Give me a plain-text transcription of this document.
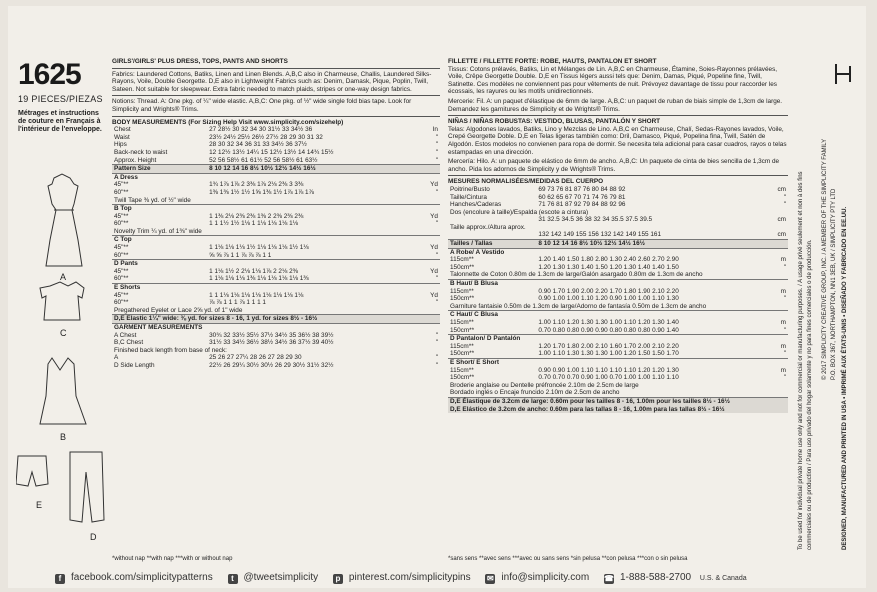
1625
19 PIECES/PIEZAS
Métrages et instructions de couture en Français à l'intérieur de l'enveloppe.
A
C
B
E
D
GIRLS'/GIRLS' PLUS DRESS, TOPS, PANTS AND SHORTS
Fabrics: Laundered Cottons, Batiks, Linen and Linen Blends. A,B,C also in Charmeuse, Challis, Laundered Silks-Rayons, Voile, Double Georgette. D,E also in Lightweight Fabrics such as: Denim, Damask, Pique, Poplin, Twill, Sateen. Not suitable for sleepwear. Extra fabric needed to match plaids, stripes or one-way design fabrics.
Notions: Thread. A: One pkg. of ¼" wide elastic. A,B,C: One pkg. of ½" wide single fold bias tape. Look for Simplicity and Wrights® Trims.
BODY MEASUREMENTS (For Sizing Help Visit www.simplicity.com/sizehelp)
Chest	27 28½ 30 32 34 30 31½ 33 34½ 36	In
Waist	23½ 24½ 25½ 26½ 27½ 28 29 30 31 32	"
Hips	28 30 32 34 36 31 33 34½ 36 37½	"
Back-neck to waist	12 12½ 13½ 14¼ 15 12½ 13½ 14 14¾ 15½	"
Approx. Height	52 56 58½ 61 61½ 52 56 58½ 61 63½	"
Pattern Size	8 10 12 14 16 8½ 10½ 12½ 14½ 16½	
A Dress		
45"**	1¾ 1⅞ 1⅞ 2 3⅜ 1⅞ 2⅛ 2⅜ 3 3⅜	Yd
60"**	1⅜ 1⅜ 1½ 1½ 1⅝ 1⅜ 1½ 1⅞ 1⅞ 1⅞	"
Twill Tape ⅜ yd. of ½" wide		
B Top		
45"**	1 1⅜ 2⅛ 2⅜ 2⅜ 1⅜ 2 2⅜ 2⅜ 2⅜	Yd
60"**	1 1 1½ 1½ 1⅛ 1 1⅛ 1⅛ 1⅛ 1⅛	"
Novelty Trim ¼ yd. of 1⅜" wide		
C Top		
45"**	1 1⅛ 1⅛ 1⅛ 1½ 1⅛ 1⅛ 1⅛ 1½ 1⅛	Yd
60"**	⅝ ⅝ ⅞ 1 1 ⅞ ⅞ ⅞ 1 1	"
D Pants		
45"**	1 1⅛ 1½ 2 2⅛ 1⅛ 1⅞ 2 2⅛ 2⅜	Yd
60"**	1 1⅛ 1⅛ 1⅛ 1⅜ 1⅛ 1⅛ 1⅛ 1⅛ 1⅜	"
E Shorts		
45"**	1 1 1⅛ 1⅛ 1⅛ 1⅛ 1⅛ 1⅛ 1⅛ 1⅛	Yd
60"**	⅞ ⅞ 1 1 1 ⅞ 1 1 1 1	"
Pregathered Eyelet or Lace 2⅝ yd. of 1" wide		
D,E Elastic 1¼" wide: ⅜ yd. for sizes 8 - 16, 1 yd. for sizes 8½ - 16½		
GARMENT MEASUREMENTS		
A Chest	30¾ 32 33½ 35½ 37½ 34½ 35 36½ 38 39½	"
B,C Chest	31½ 33 34½ 36½ 38½ 34½ 36 37½ 39 40½	"
Finished back length from base of neck:		
A	25 26 27 27¼ 28 26 27 28 29 30	"
D Side Length	22½ 26 29¼ 30½ 30½ 26 29 30½ 31½ 32½	"
*without nap **with nap ***with or without nap
FILLETTE / FILLETTE FORTE: ROBE, HAUTS, PANTALON ET SHORT
Tissus: Cotons prélavés, Batiks, Lin et Mélanges de Lin. A,B,C en Charmeuse, Étamine, Soies-Rayonnes prélavées, Voile, Crêpe Georgette Double. D,E en Tissus légers aussi tels que: Denim, Damas, Piqué, Popeline fine, Twill, Satinette. Ces modèles ne conviennent pas pour vêtements de nuit. Prévoyez davantage de tissu pour raccorder les écossais, les rayures ou les motifs unidirectionnels.
Mercerie: Fil. A: un paquet d'élastique de 6mm de large. A,B,C: un paquet de ruban de biais simple de 1,3cm de large. Demandez les garnitures de Simplicity et de Wrights® Trims.
NIÑAS / NIÑAS ROBUSTAS: VESTIDO, BLUSAS, PANTALÓN Y SHORT
Telas: Algodones lavados, Batiks, Lino y Mezclas de Lino. A,B,C en Charmeuse, Chalí, Sedas-Rayones lavados, Voile, Crepé Georgette Doble. D,E en Telas ligeras también como: Dril, Damasco, Piqué, Popelina fina, Twill, Satén de Algodón. Estos modelos no convienen para ropa de dormir. Se necesita tela adicional para casar cuadros, rayos o telas estampadas en una dirección.
Mercería: Hilo. A: un paquete de elástico de 6mm de ancho. A,B,C: Un paquete de cinta de bies sencilla de 1,3cm de ancho. Pida los adornos de Simplicity y de Wrights® Trims.
MESURES NORMALISÉES/MEDIDAS DEL CUERPO
Poitrine/Busto	69 73 76 81 87 76 80 84 88 92	cm
Taille/Cintura	60 62 65 67 70 71 74 76 79 81	"
Hanches/Caderas	71 76 81 87 92 79 84 88 92 96	"
Dos (encolure à taille)/Espalda (escote a cintura)		
	31 32.5 34.5 36 38 32 34 35.5 37.5 39.5	cm
Taille approx./Altura aprox.		
	132 142 149 155 156 132 142 149 155 161	cm
Tailles / Tallas	8 10 12 14 16 8½ 10½ 12½ 14½ 16½	
A Robe/ A Vestido		
115cm**	1.20 1.40 1.50 1.80 2.80 1.30 2.40 2.60 2.70 2.90	m
150cm**	1.20 1.30 1.30 1.40 1.50 1.20 1.30 1.40 1.40 1.50	"
Talonnette de Coton 0.80m de 1.3cm de large/Galón asargado 0.80m de 1.3cm de ancho		
B Haut/ B Blusa		
115cm**	0.90 1.70 1.90 2.00 2.20 1.70 1.80 1.90 2.10 2.20	m
150cm**	0.90 1.00 1.00 1.10 1.20 0.90 1.00 1.00 1.10 1.30	"
Garniture fantaisie 0.50m de 1.3cm de large/Adorno de fantasía 0.50m de 1.3cm de ancho		
C Haut/ C Blusa		
115cm**	1.00 1.10 1.20 1.30 1.30 1.00 1.10 1.20 1.30 1.40	m
150cm**	0.70 0.80 0.80 0.90 0.90 0.80 0.80 0.80 0.90 1.40	"
D Pantalon/ D Pantalón		
115cm**	1.20 1.70 1.80 2.00 2.10 1.60 1.70 2.00 2.10 2.20	m
150cm**	1.00 1.10 1.30 1.30 1.30 1.00 1.20 1.50 1.50 1.70	"
E Short/ E Short		
115cm**	0.90 0.90 1.00 1.10 1.10 1.10 1.10 1.20 1.20 1.30	m
150cm**	0.70 0.70 0.70 0.90 1.00 0.70 1.00 1.00 1.10 1.10	"
Broderie anglaise ou Dentelle préfroncée 2.10m de 2.5cm de large
Bordado inglés o Encaje fruncido 2.10m de 2.5cm de ancho		
D,E Élastique de 3.2cm de large: 0.60m pour les tailles 8 - 16, 1.00m pour les tailles 8½ - 16½
D,E Elástico de 3.2cm de ancho: 0.60m para las tallas 8 - 16, 1.00m para las tallas 8½ - 16½		
*sans sens **avec sens ***avec ou sans sens *sin pelusa **con pelusa ***con o sin pelusa
To be used for individual private home use only and not for commercial or manufacturing purposes. / A usage privé seulement et non à des fins commerciales ou de production / Para uso privado del hogar solamente y no para fines comerciales o de producción. © 2017 SIMPLICITY CREATIVE GROUP, INC. / A MEMBER OF THE SIMPLICITY FAMILY P.O. BOX 367, NORTHAMPTON, NN1 3EB, UK / SIMPLICITY PTY LTD DESIGNED, MANUFACTURED AND PRINTED IN USA • IMPRIMÉ AUX ÉTATS-UNIS • DISEÑADO Y FABRICADO EN EE.UU.
f facebook.com/simplicitypatterns t @tweetsimplicity p pinterest.com/simplicitypins ✉ info@simplicity.com ☎ 1-888-588-2700 U.S. & Canada
